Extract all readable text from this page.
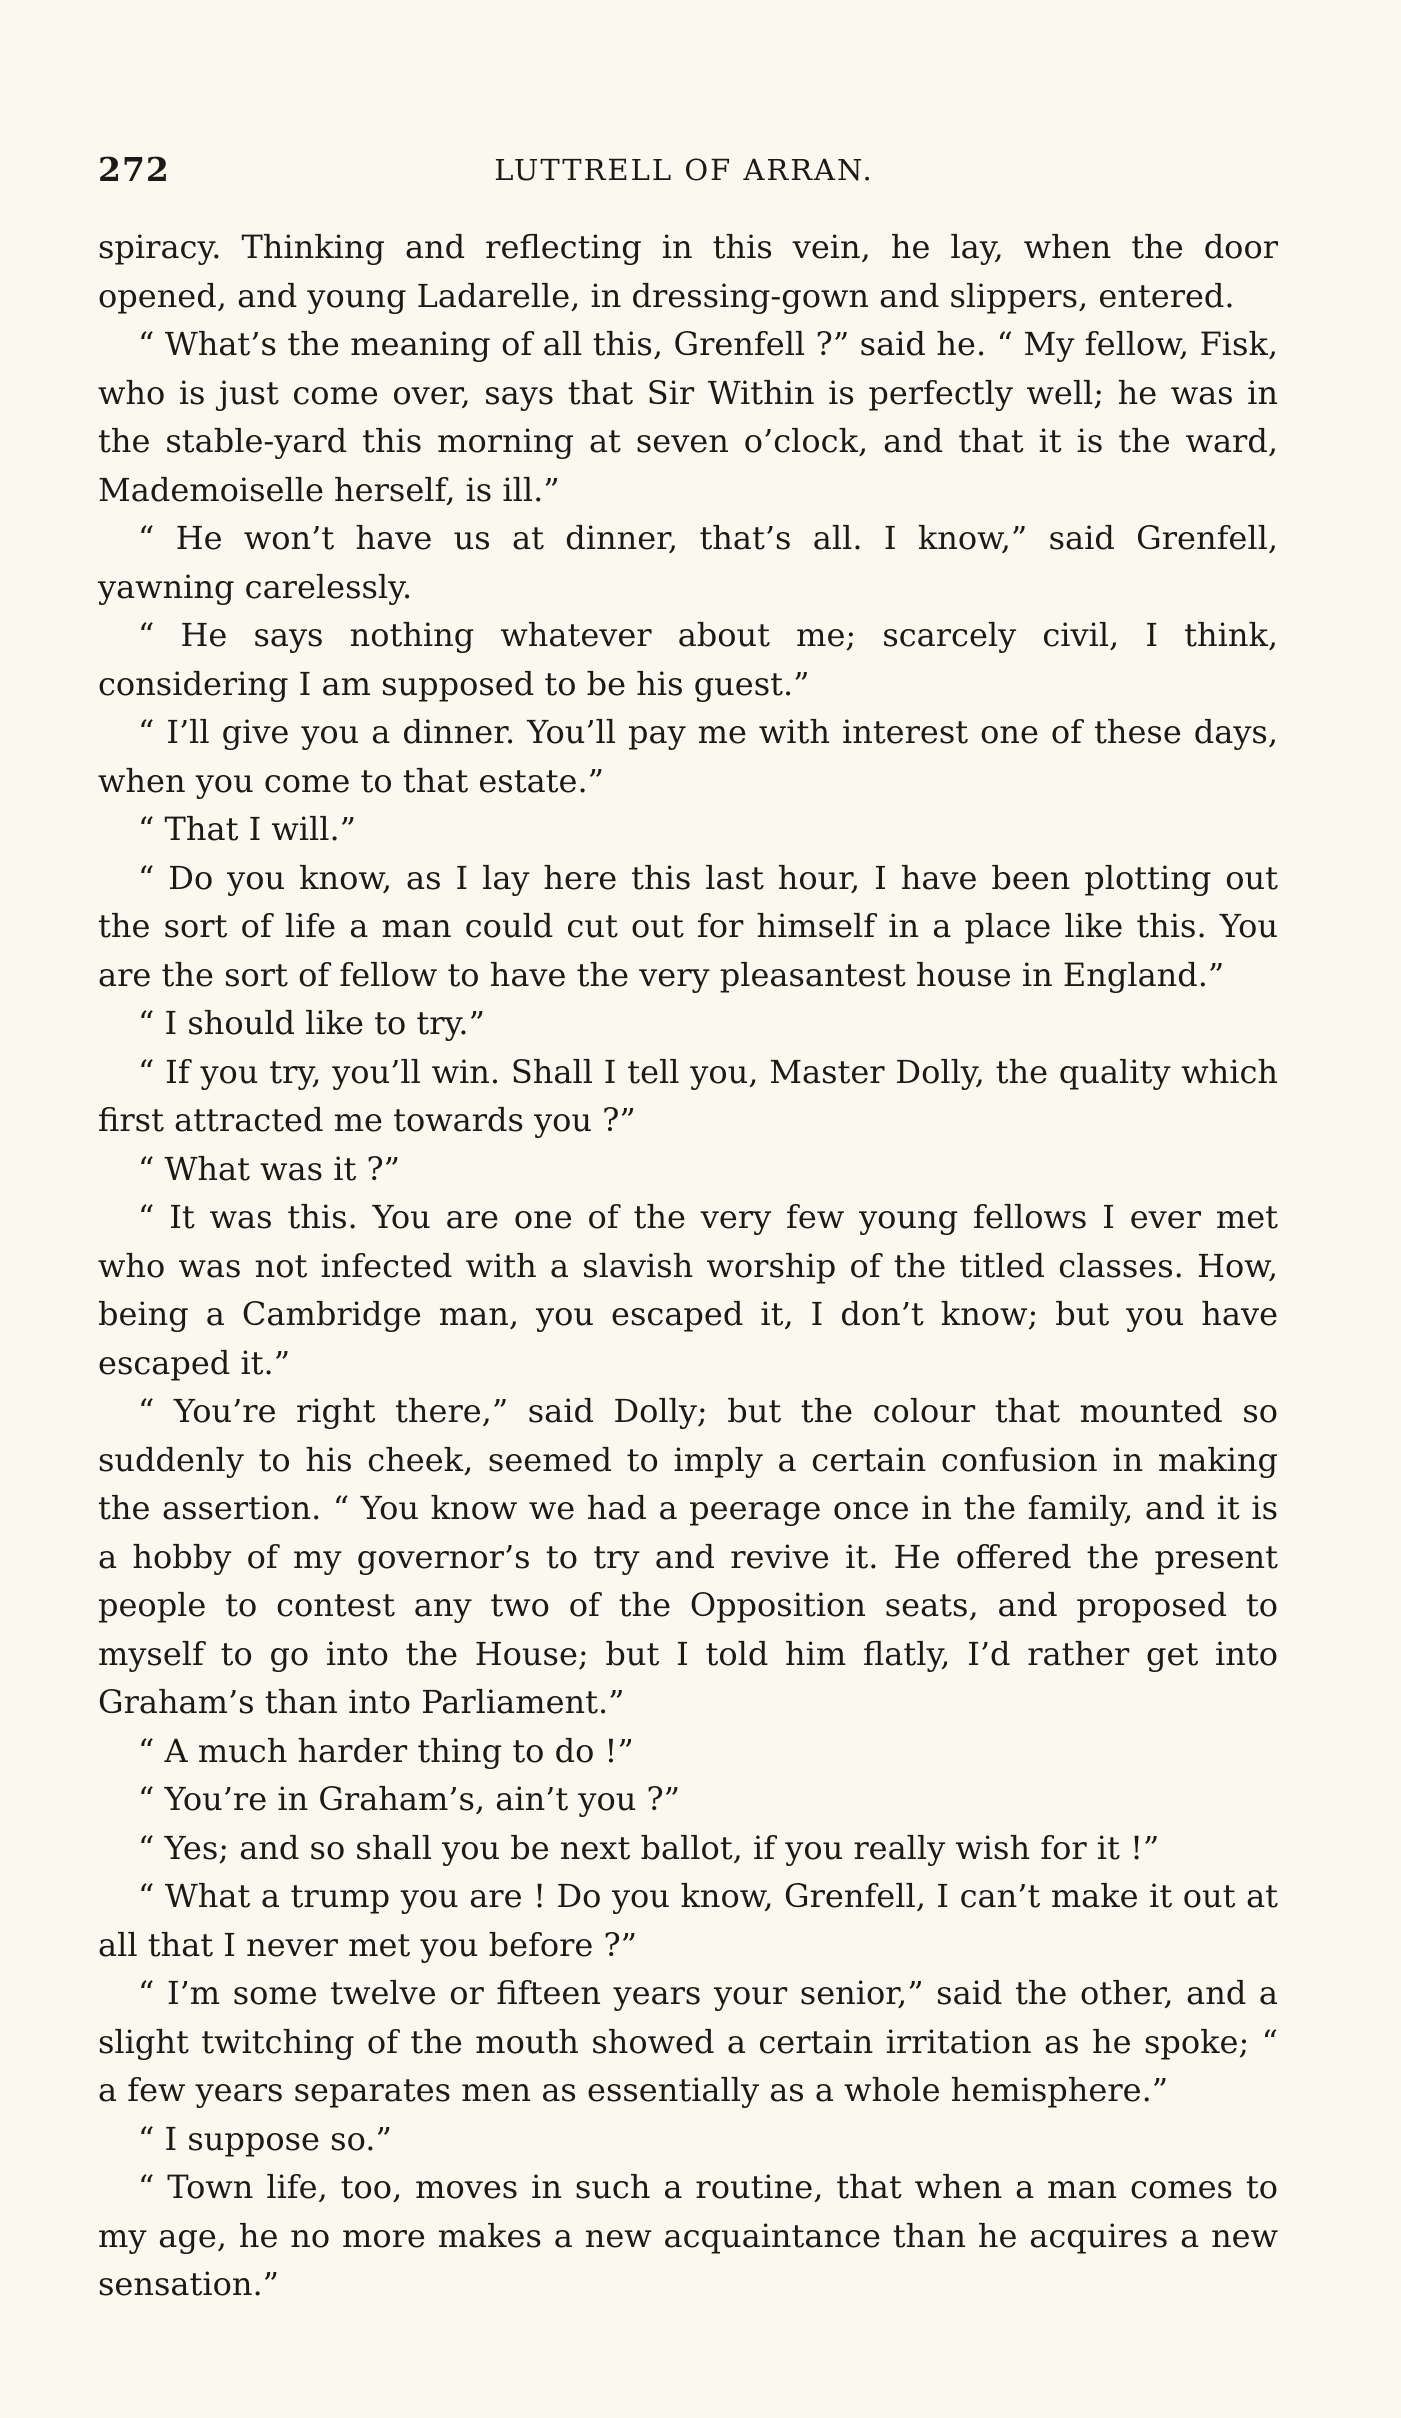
272	LUTTRELL OF ARRAN.

spiracy. Thinking and reflecting in this vein, he lay, when the door opened, and young Ladarelle, in dressing-gown and slippers, entered.

“ What’s the meaning of all this, Grenfell ?” said he. “ My fellow, Fisk, who is just come over, says that Sir Within is perfectly well; he was in the stable-yard this morning at seven o’clock, and that it is the ward, Mademoiselle herself, is ill.”

“ He won’t have us at dinner, that’s all. I know,” said Grenfell, yawning carelessly.

“ He says nothing whatever about me; scarcely civil, I think, considering I am supposed to be his guest.”

“ I’ll give you a dinner. You’ll pay me with interest one of these days, when you come to that estate.”

“ That I will.”

“ Do you know, as I lay here this last hour, I have been plotting out the sort of life a man could cut out for himself in a place like this. You are the sort of fellow to have the very pleasantest house in England.”

“ I should like to try.”

“ If you try, you’ll win. Shall I tell you, Master Dolly, the quality which first attracted me towards you ?”

“ What was it ?”

“ It was this. You are one of the very few young fellows I ever met who was not infected with a slavish worship of the titled classes. How, being a Cambridge man, you escaped it, I don’t know; but you have escaped it.”

“ You’re right there,” said Dolly; but the colour that mounted so suddenly to his cheek, seemed to imply a certain confusion in making the assertion. “ You know we had a peerage once in the family, and it is a hobby of my governor’s to try and revive it. He offered the present people to contest any two of the Opposition seats, and proposed to myself to go into the House; but I told him flatly, I’d rather get into Graham’s than into Parliament.”

“ A much harder thing to do !”

“ You’re in Graham’s, ain’t you ?”

“ Yes; and so shall you be next ballot, if you really wish for it !”

“ What a trump you are ! Do you know, Grenfell, I can’t make it out at all that I never met you before ?”

“ I’m some twelve or fifteen years your senior,” said the other, and a slight twitching of the mouth showed a certain irritation as he spoke; “ a few years separates men as essentially as a whole hemisphere.”

“ I suppose so.”

“ Town life, too, moves in such a routine, that when a man comes to my age, he no more makes a new acquaintance than he acquires a new sensation.”
